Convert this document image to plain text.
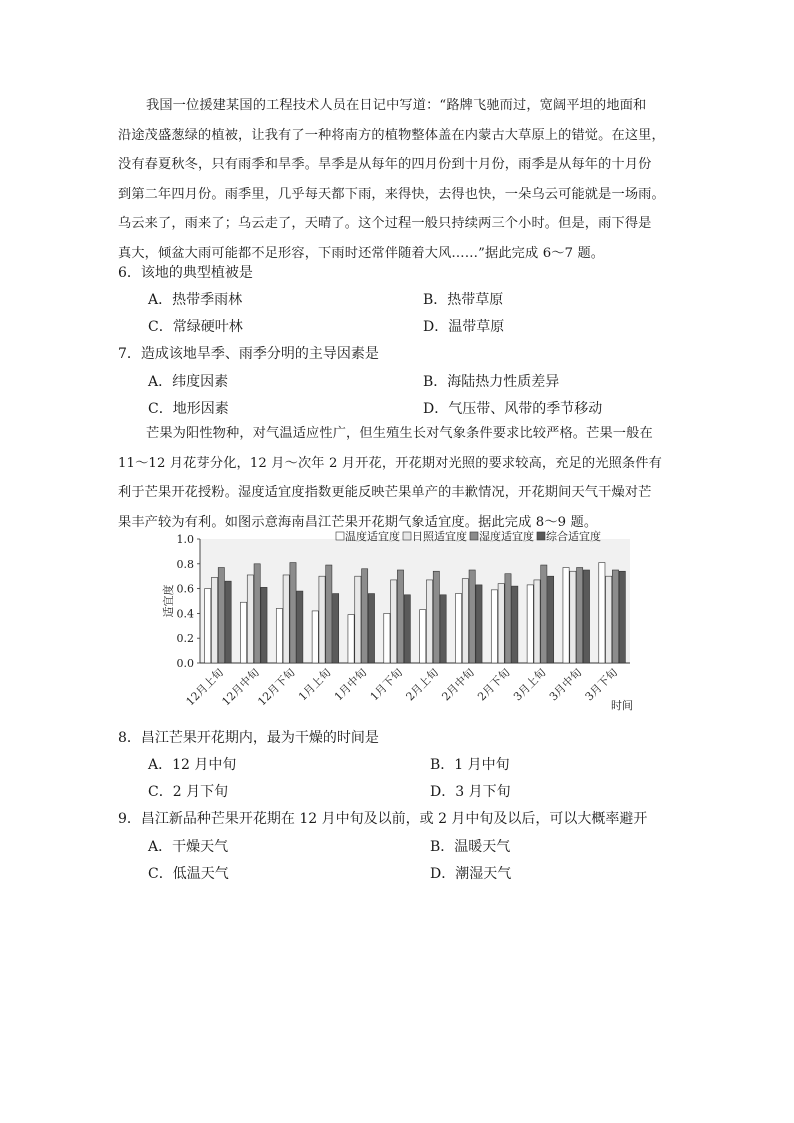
我国一位援建某国的工程技术人员在日记中写道：“路牌飞驰而过，宽阔平坦的地面和
沿途茂盛葱绿的植被，让我有了一种将南方的植物整体盖在内蒙古大草原上的错觉。在这里，
没有春夏秋冬，只有雨季和旱季。旱季是从每年的四月份到十月份，雨季是从每年的十月份
到第二年四月份。雨季里，几乎每天都下雨，来得快，去得也快，一朵乌云可能就是一场雨。
乌云来了，雨来了；乌云走了，天晴了。这个过程一般只持续两三个小时。但是，雨下得是
真大，倾盆大雨可能都不足形容，下雨时还常伴随着大风……”据此完成 6～7 题。
6．该地的典型植被是
A．热带季雨林	B．热带草原
C．常绿硬叶林	D．温带草原
7．造成该地旱季、雨季分明的主导因素是
A．纬度因素	B．海陆热力性质差异
C．地形因素	D．气压带、风带的季节移动
芒果为阳性物种，对气温适应性广，但生殖生长对气象条件要求比较严格。芒果一般在
11～12 月花芽分化，12 月～次年 2 月开花，开花期对光照的要求较高，充足的光照条件有
利于芒果开花授粉。湿度适宜度指数更能反映芒果单产的丰歉情况，开花期间天气干燥对芒
果丰产较为有利。如图示意海南昌江芒果开花期气象适宜度。据此完成 8～9 题。
0.0
0.2
0.4
0.6
0.8
1.0
适宜度
12月上旬
12月中旬
12月下旬
1月上旬
1月中旬
1月下旬
2月上旬
2月中旬
2月下旬
3月上旬
3月中旬
3月下旬
时间
温度适宜度 日照适宜度 湿度适宜度 综合适宜度
8．昌江芒果开花期内，最为干燥的时间是
A．12 月中旬	B．1 月中旬
C．2 月下旬	D．3 月下旬
9．昌江新品种芒果开花期在 12 月中旬及以前，或 2 月中旬及以后，可以大概率避开
A．干燥天气	B．温暖天气
C．低温天气	D．潮湿天气
